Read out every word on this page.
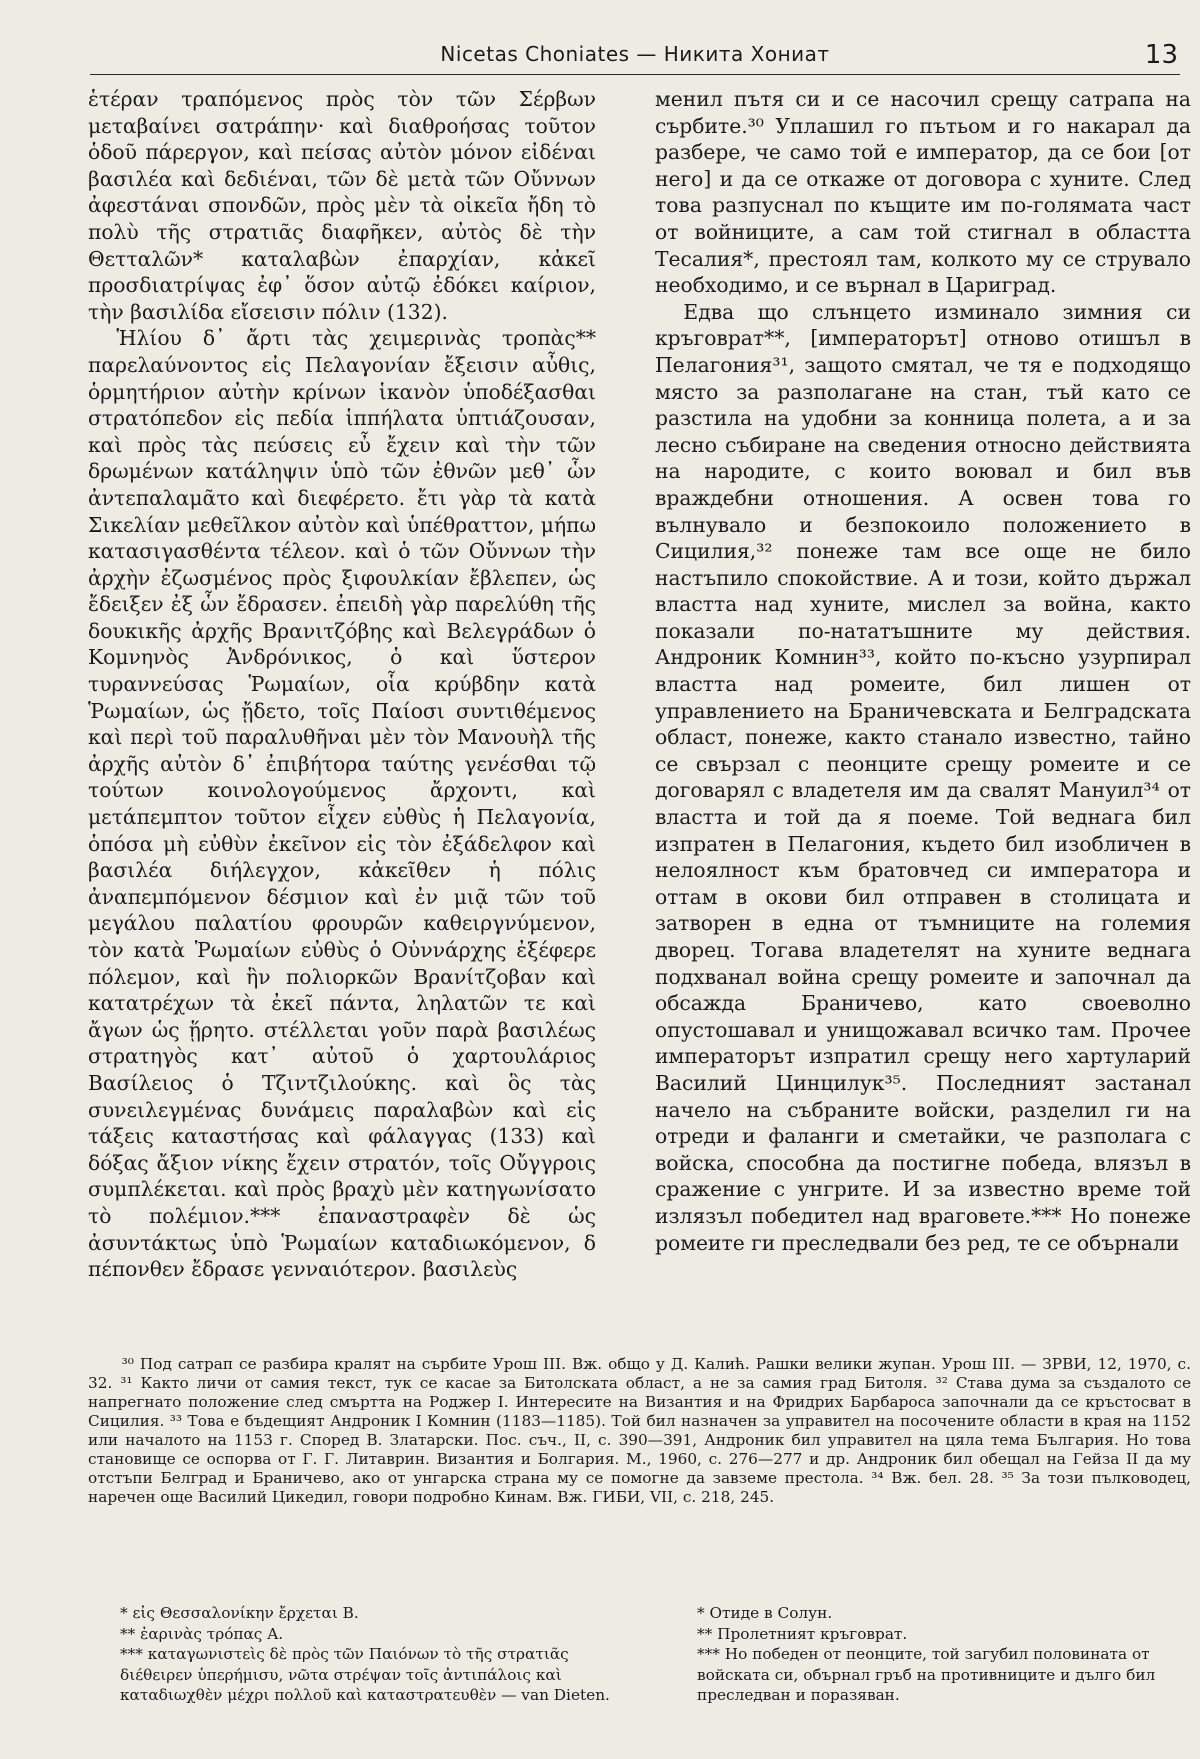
Nicetas Choniates — Никита Хониат	13

ἑτέραν τραπόμενος πρὸς τὸν τῶν Σέρβων μεταβαίνει σατράπην· καὶ διαθροήσας τοῦτον ὁδοῦ πάρεργον, καὶ πείσας αὐτὸν μόνον εἰδέναι βασιλέα καὶ δεδιέναι, τῶν δὲ μετὰ τῶν Οὔννων ἀφεστάναι σπονδῶν, πρὸς μὲν τὰ οἰκεῖα ἤδη τὸ πολὺ τῆς στρατιᾶς διαφῆκεν, αὐτὸς δὲ τὴν Θετταλῶν* καταλαβὼν ἐπαρχίαν, κἀκεῖ προσδιατρίψας ἐφ᾽ ὅσον αὐτῷ ἐδόκει καίριον, τὴν βασιλίδα εἴσεισιν πόλιν (132).

Ἡλίου δ᾽ ἄρτι τὰς χειμερινὰς τροπὰς** παρελαύνοντος εἰς Πελαγονίαν ἔξεισιν αὖθις, ὁρμητήριον αὐτὴν κρίνων ἱκανὸν ὑποδέξασθαι στρατόπεδον εἰς πεδία ἱππήλατα ὑπτιάζουσαν, καὶ πρὸς τὰς πεύσεις εὖ ἔχειν καὶ τὴν τῶν δρωμένων κατάληψιν ὑπὸ τῶν ἐθνῶν μεθ᾽ ὧν ἀντεπαλαμᾶτο καὶ διεφέρετο. ἔτι γὰρ τὰ κατὰ Σικελίαν μεθεῖλκον αὐτὸν καὶ ὑπέθραττον, μήπω κατασιγασθέντα τέλεον. καὶ ὁ τῶν Οὔννων τὴν ἀρχὴν ἐζωσμένος πρὸς ξιφουλκίαν ἔβλεπεν, ὡς ἔδειξεν ἐξ ὧν ἔδρασεν. ἐπειδὴ γὰρ παρελύθη τῆς δουκικῆς ἀρχῆς Βρανιτζόβης καὶ Βελεγράδων ὁ Κομνηνὸς Ἀνδρόνικος, ὁ καὶ ὕστερον τυραννεύσας Ῥωμαίων, οἷα κρύβδην κατὰ Ῥωμαίων, ὡς ᾔδετο, τοῖς Παίοσι συντιθέμενος καὶ περὶ τοῦ παραλυθῆναι μὲν τὸν Μανουὴλ τῆς ἀρχῆς αὐτὸν δ᾽ ἐπιβήτορα ταύτης γενέσθαι τῷ τούτων κοινολογούμενος ἄρχοντι, καὶ μετάπεμπτον τοῦτον εἶχεν εὐθὺς ἡ Πελαγονία, ὁπόσα μὴ εὐθὺν ἐκεῖνον εἰς τὸν ἐξάδελφον καὶ βασιλέα διήλεγχον, κἀκεῖθεν ἡ πόλις ἀναπεμπόμενον δέσμιον καὶ ἐν μιᾷ τῶν τοῦ μεγάλου παλατίου φρουρῶν καθειργνύμενον, τὸν κατὰ Ῥωμαίων εὐθὺς ὁ Οὐννάρχης ἐξέφερε πόλεμον, καὶ ἣν πολιορκῶν Βρανίτζοβαν καὶ κατατρέχων τὰ ἐκεῖ πάντα, ληλατῶν τε καὶ ἄγων ὡς ᾕρητο. στέλλεται γοῦν παρὰ βασιλέως στρατηγὸς κατ᾽ αὐτοῦ ὁ χαρτουλάριος Βασίλειος ὁ Τζιντζιλούκης. καὶ ὃς τὰς συνειλεγμένας δυνάμεις παραλαβὼν καὶ εἰς τάξεις καταστήσας καὶ φάλαγγας (133) καὶ δόξας ἄξιον νίκης ἔχειν στρατόν, τοῖς Οὔγγροις συμπλέκεται. καὶ πρὸς βραχὺ μὲν κατηγωνίσατο τὸ πολέμιον.*** ἐπαναστραφὲν δὲ ὡς ἀσυντάκτως ὑπὸ Ῥωμαίων καταδιωκόμενον, δ πέπονθεν ἔδρασε γενναιότερον. βασιλεὺς

менил пътя си и се насочил срещу сатрапа на сърбите.³⁰ Уплашил го пътьом и го накарал да разбере, че само той е император, да се бои [от него] и да се откаже от договора с хуните. След това разпуснал по къщите им по-голямата част от войниците, а сам той стигнал в областта Тесалия*, престоял там, колкото му се струвало необходимо, и се върнал в Цариград.

Едва що слънцето изминало зимния си кръговрат**, [императорът] отново отишъл в Пелагония³¹, защото смятал, че тя е подходящо място за разполагане на стан, тъй като се разстила на удобни за конница полета, а и за лесно събиране на сведения относно действията на народите, с които воювал и бил във враждебни отношения. А освен това го вълнувало и безпокоило положението в Сицилия,³² понеже там все още не било настъпило спокойствие. А и този, който държал властта над хуните, мислел за война, както показали по-нататъшните му действия. Андроник Комнин³³, който по-късно узурпирал властта над ромеите, бил лишен от управлението на Браничевската и Белградската област, понеже, както станало известно, тайно се свързал с пеонците срещу ромеите и се договарял с владетеля им да свалят Мануил³⁴ от властта и той да я поеме. Той веднага бил изпратен в Пелагония, където бил изобличен в нелоялност към братовчед си императора и оттам в окови бил отправен в столицата и затворен в една от тъмниците на големия дворец. Тогава владетелят на хуните веднага подхванал война срещу ромеите и започнал да обсажда Браничево, като своеволно опустошавал и унищожавал всичко там. Прочее императорът изпратил срещу него хартуларий Василий Цинцилук³⁵. Последният застанал начело на събраните войски, разделил ги на отреди и фаланги и сметайки, че разполага с войска, способна да постигне победа, влязъл в сражение с унгрите. И за известно време той излязъл победител над враговете.*** Но понеже ромеите ги преследвали без ред, те се обърнали

³⁰ Под сатрап се разбира кралят на сърбите Урош III. Вж. общо у Д. Калић. Рашки велики жупан. Урош III. — ЗРВИ, 12, 1970, с. 32. ³¹ Както личи от самия текст, тук се касае за Битолската област, а не за самия град Битоля. ³² Става дума за създалото се напрегнато положение след смъртта на Роджер I. Интересите на Византия и на Фридрих Барбароса започнали да се кръстосват в Сицилия. ³³ Това е бъдещият Андроник I Комнин (1183—1185). Той бил назначен за управител на посочените области в края на 1152 или началото на 1153 г. Според В. Златарски. Пос. съч., II, с. 390—391, Андроник бил управител на цяла тема България. Но това становище се оспорва от Г. Г. Литаврин. Византия и Болгария. М., 1960, с. 276—277 и др. Андроник бил обещал на Гейза II да му отстъпи Белград и Браничево, ако от унгарска страна му се помогне да завземе престола. ³⁴ Вж. бел. 28. ³⁵ За този пълководец, наречен още Василий Цикедил, говори подробно Кинам. Вж. ГИБИ, VII, с. 218, 245.

* εἰς Θεσσαλονίκην ἔρχεται B.

** ἐαρινὰς τρόπας A.

*** καταγωνιστεὶς δὲ πρὸς τῶν Παιόνων τὸ τῆς στρατιᾶς διέθειρεν ὑπερήμισυ, νῶτα στρέψαν τοῖς ἀντιπάλοις καὶ καταδιωχθὲν μέχρι πολλοῦ καὶ καταστρατευθὲν — van Dieten.

* Отиде в Солун.

** Пролетният кръговрат.

*** Но победен от пеонците, той загубил половината от войската си, обърнал гръб на противниците и дълго бил преследван и поразяван.
